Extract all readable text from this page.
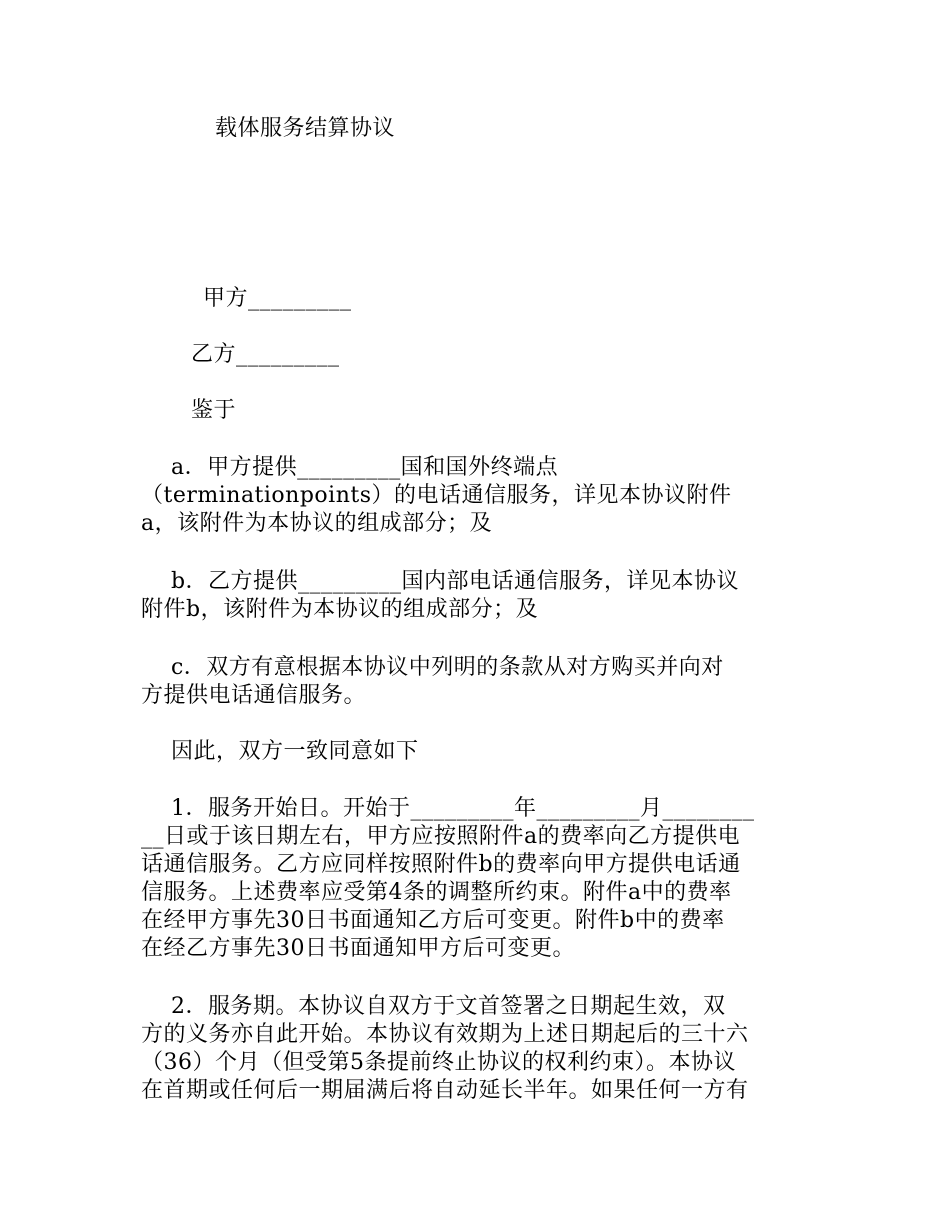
载体服务结算协议
甲方_________
乙方_________
鉴于
a．甲方提供_________国和国外终端点
（terminationpoints）的电话通信服务，详见本协议附件
a，该附件为本协议的组成部分；及
b．乙方提供_________国内部电话通信服务，详见本协议
附件b，该附件为本协议的组成部分；及
c．双方有意根据本协议中列明的条款从对方购买并向对
方提供电话通信服务。
因此，双方一致同意如下
1．服务开始日。开始于_________年_________月________
__日或于该日期左右，甲方应按照附件a的费率向乙方提供电
话通信服务。乙方应同样按照附件b的费率向甲方提供电话通
信服务。上述费率应受第4条的调整所约束。附件a中的费率
在经甲方事先30日书面通知乙方后可变更。附件b中的费率
在经乙方事先30日书面通知甲方后可变更。
2．服务期。本协议自双方于文首签署之日期起生效，双
方的义务亦自此开始。本协议有效期为上述日期起后的三十六
（36）个月（但受第5条提前终止协议的权利约束）。本协议
在首期或任何后一期届满后将自动延长半年。如果任何一方有
